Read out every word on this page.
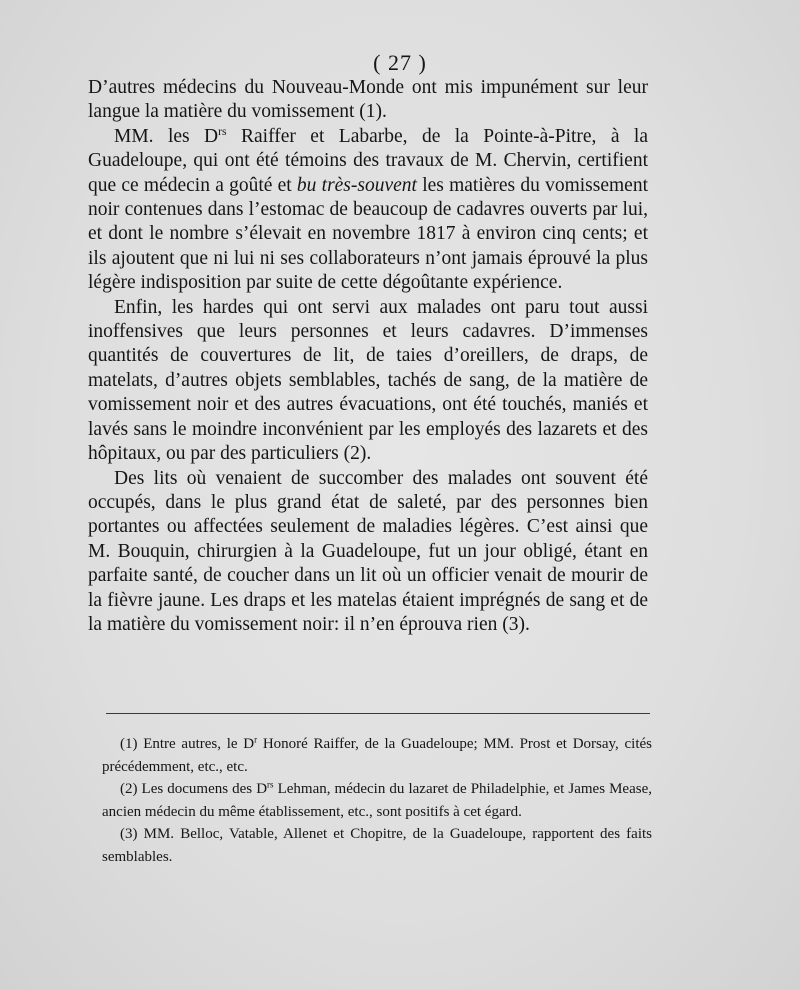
( 27 )

D’autres médecins du Nouveau-Monde ont mis impunément sur leur langue la matière du vomissement (1).

MM. les $D^{rs}$ Raiffer et Labarbe, de la Pointe-à-Pitre, à la Guadeloupe, qui ont été témoins des travaux de M. Chervin, certifient que ce médecin a goûté et bu très-souvent les matières du vomissement noir contenues dans l’estomac de beaucoup de cadavres ouverts par lui, et dont le nombre s’élevait en novembre 1817 à environ cinq cents; et ils ajoutent que ni lui ni ses collaborateurs n’ont jamais éprouvé la plus légère indisposition par suite de cette dégoûtante expérience.

Enfin, les hardes qui ont servi aux malades ont paru tout aussi inoffensives que leurs personnes et leurs cadavres. D’immenses quantités de couvertures de lit, de taies d’oreillers, de draps, de matelats, d’autres objets semblables, tachés de sang, de la matière de vomissement noir et des autres évacuations, ont été touchés, maniés et lavés sans le moindre inconvénient par les employés des lazarets et des hôpitaux, ou par des particuliers (2).

Des lits où venaient de succomber des malades ont souvent été occupés, dans le plus grand état de saleté, par des personnes bien portantes ou affectées seulement de maladies légères. C’est ainsi que M. Bouquin, chirurgien à la Guadeloupe, fut un jour obligé, étant en parfaite santé, de coucher dans un lit où un officier venait de mourir de la fièvre jaune. Les draps et les matelas étaient imprégnés de sang et de la matière du vomissement noir: il n’en éprouva rien (3).

(1) Entre autres, le $D^r$ Honoré Raiffer, de la Guadeloupe; MM. Prost et Dorsay, cités précédemment, etc., etc.

(2) Les documens des $D^{rs}$ Lehman, médecin du lazaret de Philadelphie, et James Mease, ancien médecin du même établissement, etc., sont positifs à cet égard.

(3) MM. Belloc, Vatable, Allenet et Chopitre, de la Guadeloupe, rapportent des faits semblables.
